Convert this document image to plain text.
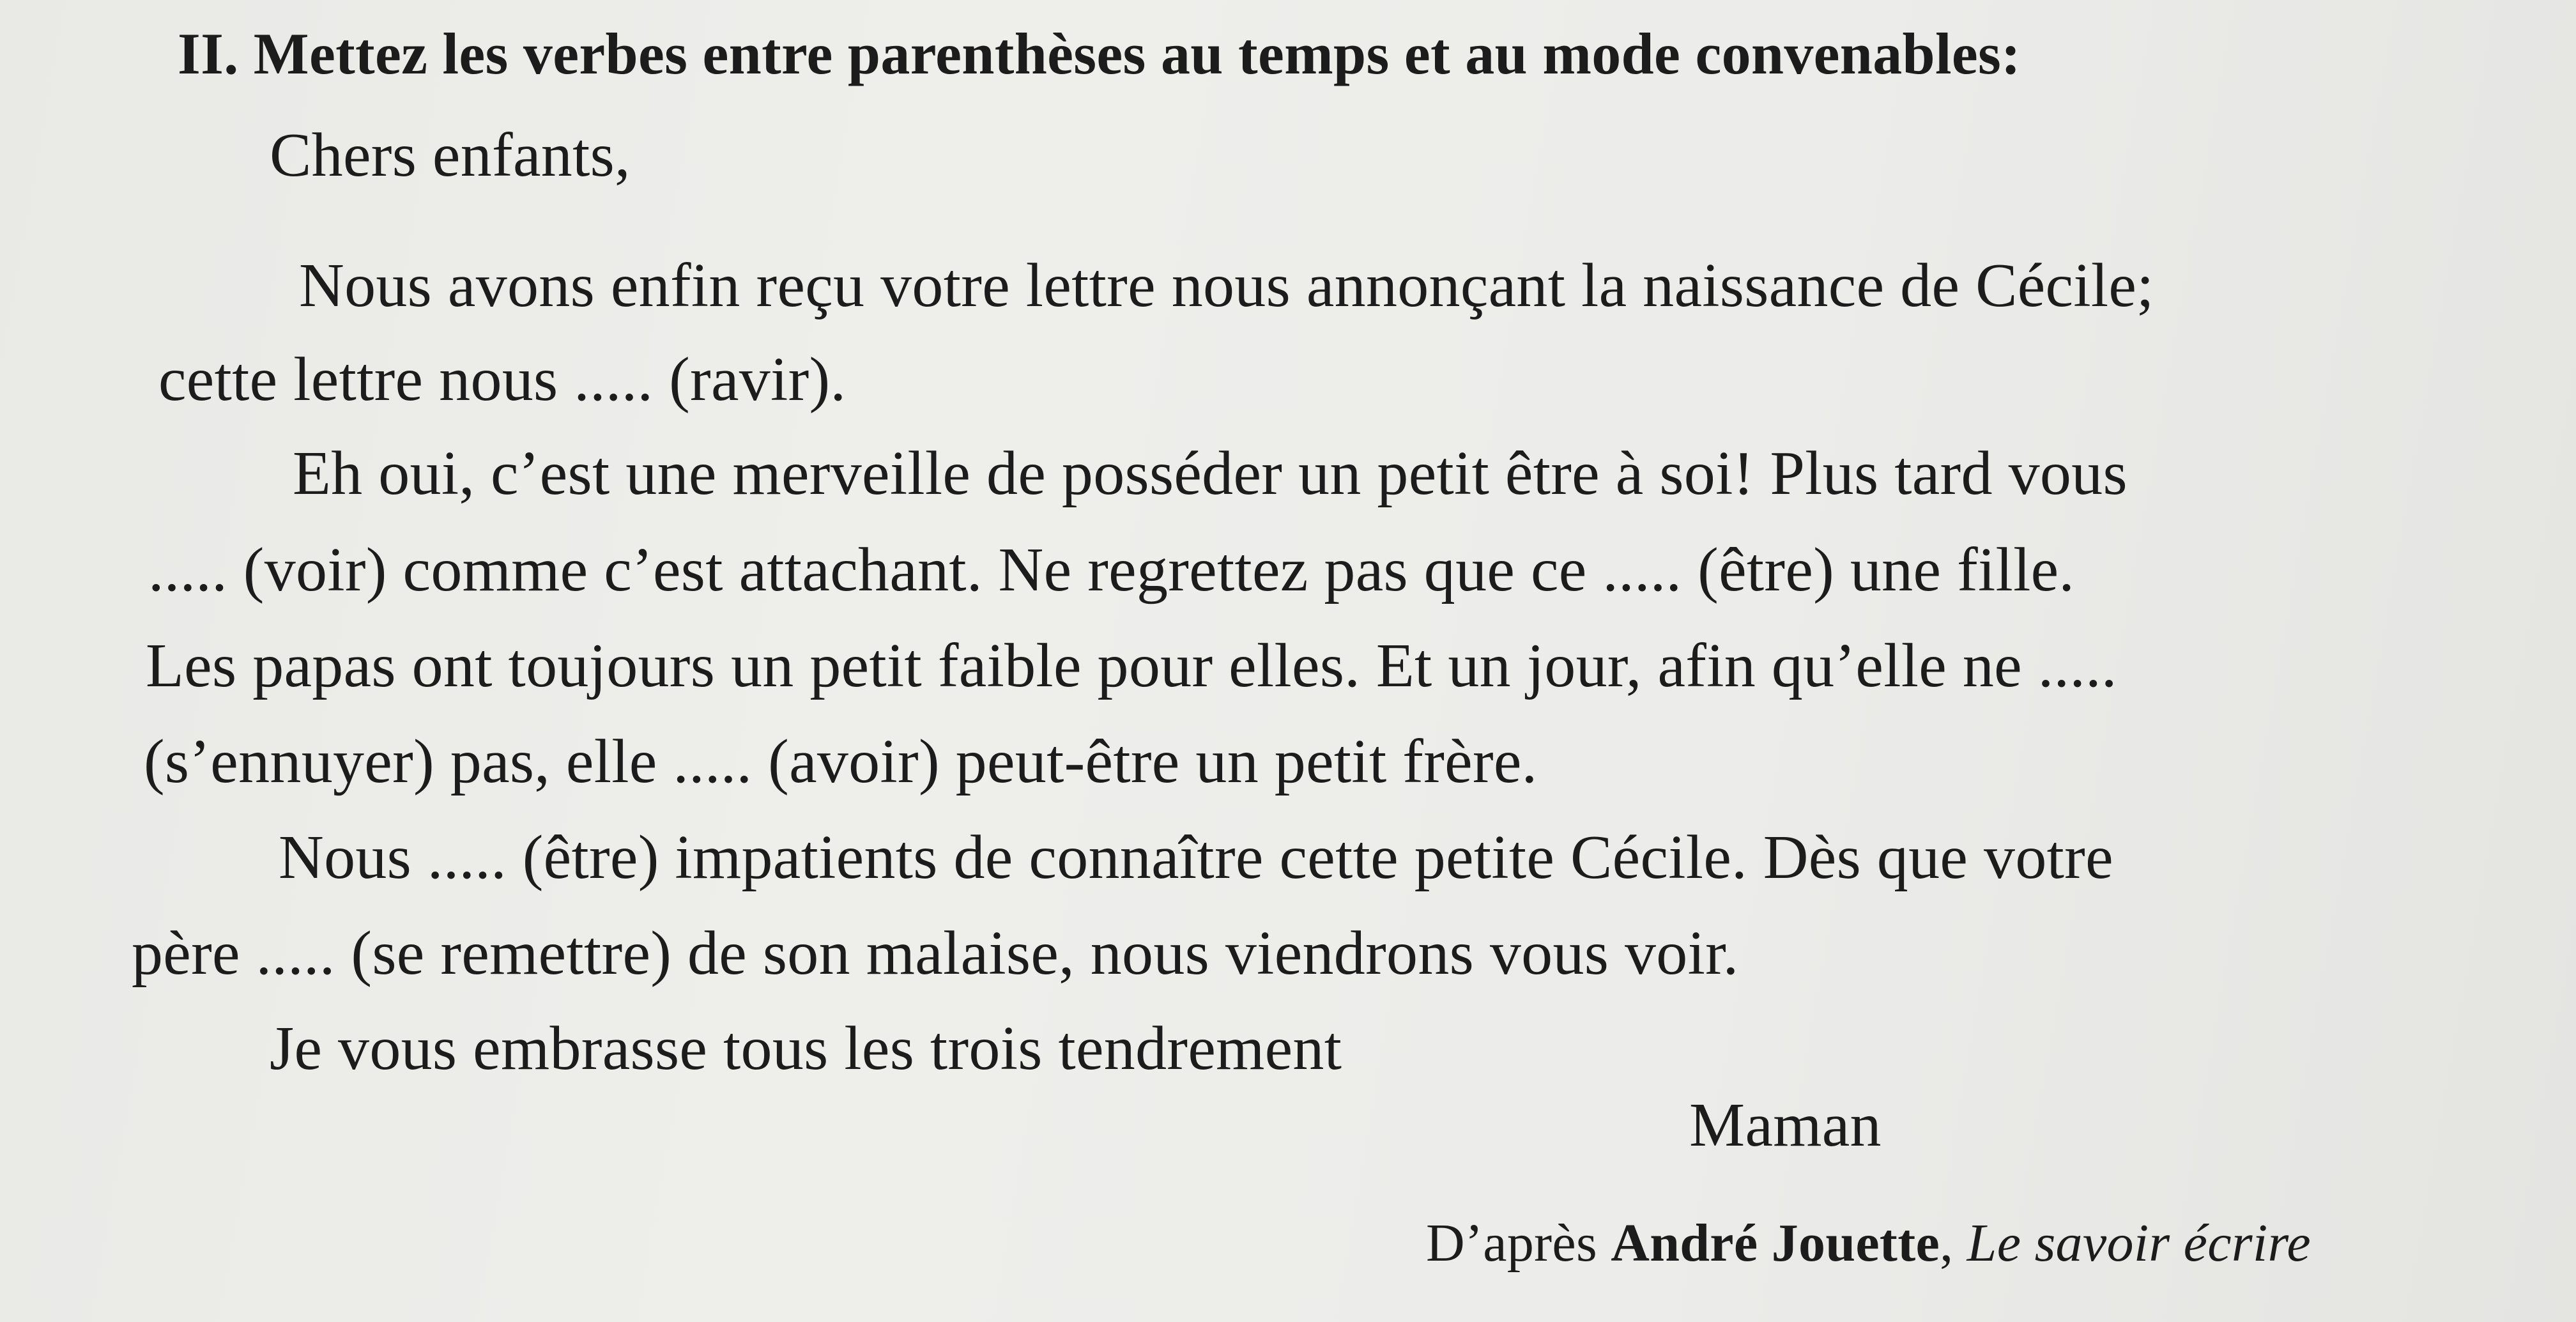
II. Mettez les verbes entre parenthèses au temps et au mode convenables:
Chers enfants,
Nous avons enfin reçu votre lettre nous annonçant la naissance de Cécile;
cette lettre nous ..... (ravir).
Eh oui, c’est une merveille de posséder un petit être à soi! Plus tard vous
..... (voir) comme c’est attachant. Ne regrettez pas que ce ..... (être) une fille.
Les papas ont toujours un petit faible pour elles. Et un jour, afin qu’elle ne .....
(s’ennuyer) pas, elle ..... (avoir) peut-être un petit frère.
Nous ..... (être) impatients de connaître cette petite Cécile. Dès que votre
père ..... (se remettre) de son malaise, nous viendrons vous voir.
Je vous embrasse tous les trois tendrement
Maman
D’après André Jouette, Le savoir écrire
